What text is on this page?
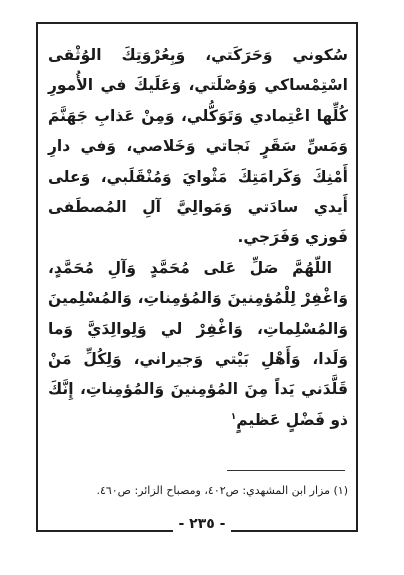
سُكوني وَحَرَكَتي، وَبِعُرْوَتِكَ الوُثْقى اسْتِمْساكي وَوُصْلَتي، وَعَلَيكَ في الأُمورِ كُلِّها اعْتِمادي وَتَوَكُّلي، وَمِنْ عَذابِ جَهَنَّمَ وَمَسِّ سَقَرٍ نَجاتي وَخَلاصي، وَفي دارِ أَمْنِكَ وَكَرامَتِكَ مَثْوايَ وَمُنْقَلَبي، وَعلى أَيدي سادَتي وَمَوالِيَّ آلِ المُصطَفى فَوزي وَفَرَجي.

اللّهُمَّ صَلِّ عَلى مُحَمَّدٍ وَآلِ مُحَمَّدٍ، وَاغْفِرْ لِلْمُؤمِنينَ وَالمُؤمِناتِ، وَالمُسْلِمينَ وَالمُسْلِماتِ، وَاغْفِرْ لي وَلِوالِدَيَّ وَما وَلَدا، وَأَهْلِ بَيْتي وَجيراني، وَلِكُلِّ مَنْ قَلَّدَني يَداً مِنَ المُؤمِنينَ وَالمُؤمِناتِ، إِنَّكَ ذو فَضْلٍ عَظيمٍ$^١$

(١) مزار ابن المشهدي: ص٤٠٢، ومصباح الزائر: ص٤٦٠.
- ٢٣٥ -
